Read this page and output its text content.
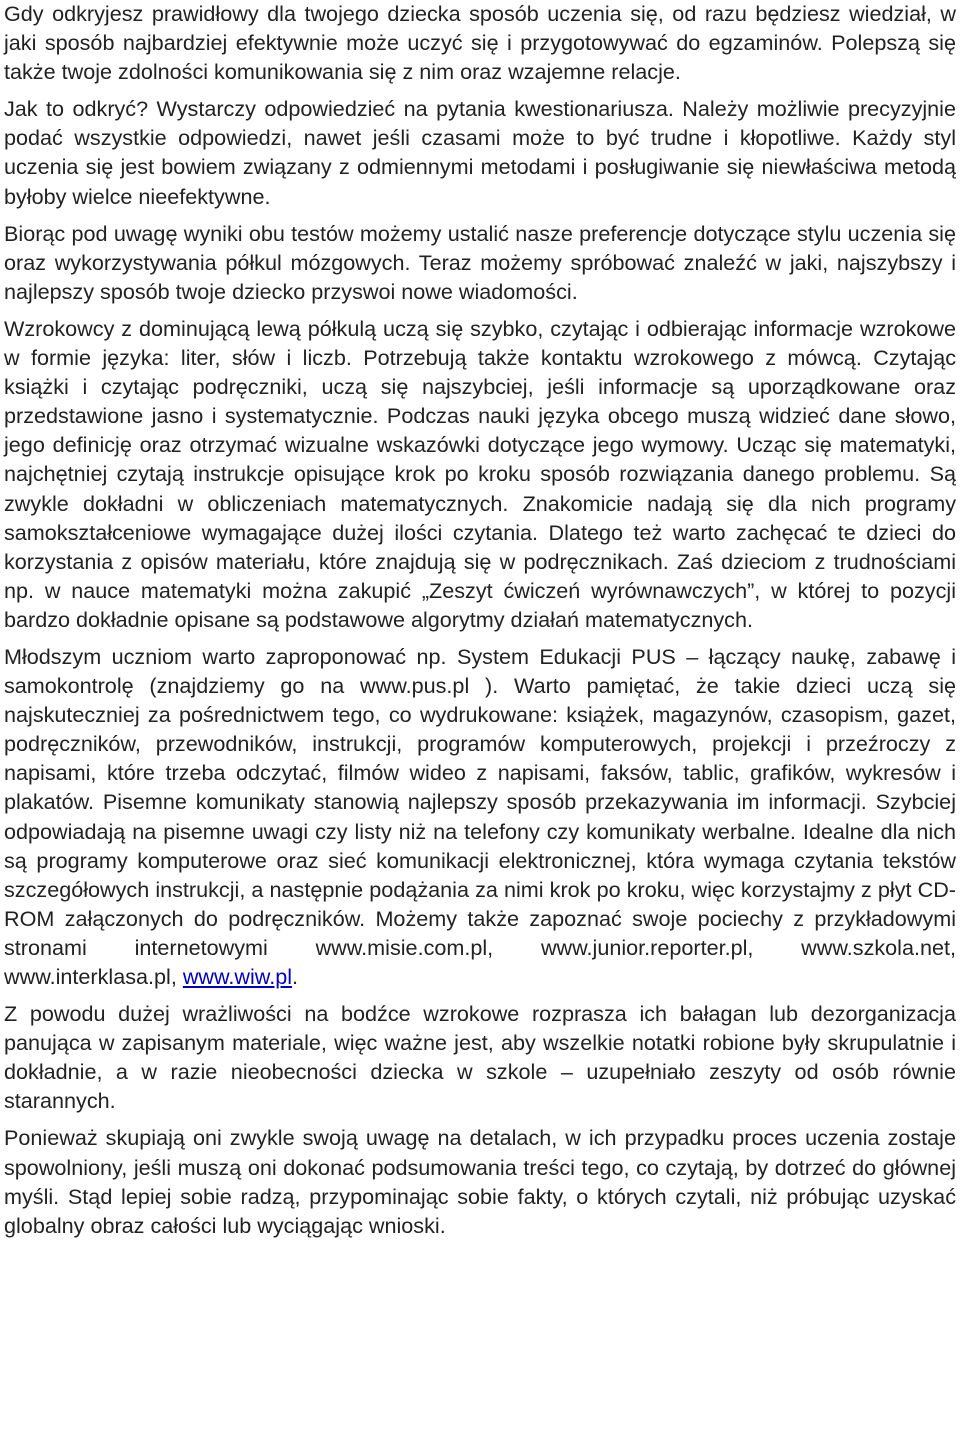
Gdy odkryjesz prawidłowy dla twojego dziecka sposób uczenia się, od razu będziesz wiedział, w jaki sposób najbardziej efektywnie może uczyć się i przygotowywać do egzaminów. Polepszą się także twoje zdolności komunikowania się z nim oraz wzajemne relacje.

Jak to odkryć? Wystarczy odpowiedzieć na pytania kwestionariusza. Należy możliwie precyzyjnie podać wszystkie odpowiedzi, nawet jeśli czasami może to być trudne i kłopotliwe. Każdy styl uczenia się jest bowiem związany z odmiennymi metodami i posługiwanie się niewłaściwa metodą byłoby wielce nieefektywne.

Biorąc pod uwagę wyniki obu testów możemy ustalić nasze preferencje dotyczące stylu uczenia się oraz wykorzystywania półkul mózgowych. Teraz możemy spróbować znaleźć w jaki, najszybszy i najlepszy sposób twoje dziecko przyswoi nowe wiadomości.

Wzrokowcy z dominującą lewą półkulą uczą się szybko, czytając i odbierając informacje wzrokowe w formie języka: liter, słów i liczb. Potrzebują także kontaktu wzrokowego z mówcą. Czytając książki i czytając podręczniki, uczą się najszybciej, jeśli informacje są uporządkowane oraz przedstawione jasno i systematycznie. Podczas nauki języka obcego muszą widzieć dane słowo, jego definicję oraz otrzymać wizualne wskazówki dotyczące jego wymowy. Ucząc się matematyki, najchętniej czytają instrukcje opisujące krok po kroku sposób rozwiązania danego problemu. Są zwykle dokładni w obliczeniach matematycznych. Znakomicie nadają się dla nich programy samokształceniowe wymagające dużej ilości czytania. Dlatego też warto zachęcać te dzieci do korzystania z opisów materiału, które znajdują się w podręcznikach. Zaś dzieciom z trudnościami np. w nauce matematyki można zakupić „Zeszyt ćwiczeń wyrównawczych”, w której to pozycji bardzo dokładnie opisane są podstawowe algorytmy działań matematycznych.

Młodszym uczniom warto zaproponować np. System Edukacji PUS – łączący naukę, zabawę i samokontrolę (znajdziemy go na www.pus.pl ). Warto pamiętać, że takie dzieci uczą się najskuteczniej za pośrednictwem tego, co wydrukowane: książek, magazynów, czasopism, gazet, podręczników, przewodników, instrukcji, programów komputerowych, projekcji i przeźroczy z napisami, które trzeba odczytać, filmów wideo z napisami, faksów, tablic, grafików, wykresów i plakatów. Pisemne komunikaty stanowią najlepszy sposób przekazywania im informacji. Szybciej odpowiadają na pisemne uwagi czy listy niż na telefony czy komunikaty werbalne. Idealne dla nich są programy komputerowe oraz sieć komunikacji elektronicznej, która wymaga czytania tekstów szczegółowych instrukcji, a następnie podążania za nimi krok po kroku, więc korzystajmy z płyt CD-ROM załączonych do podręczników. Możemy także zapoznać swoje pociechy z przykładowymi stronami internetowymi www.misie.com.pl, www.junior.reporter.pl, www.szkola.net, www.interklasa.pl, www.wiw.pl.

Z powodu dużej wrażliwości na bodźce wzrokowe rozprasza ich bałagan lub dezorganizacja panująca w zapisanym materiale, więc ważne jest, aby wszelkie notatki robione były skrupulatnie i dokładnie, a w razie nieobecności dziecka w szkole – uzupełniało zeszyty od osób równie starannych.

Ponieważ skupiają oni zwykle swoją uwagę na detalach, w ich przypadku proces uczenia zostaje spowolniony, jeśli muszą oni dokonać podsumowania treści tego, co czytają, by dotrzeć do głównej myśli. Stąd lepiej sobie radzą, przypominając sobie fakty, o których czytali, niż próbując uzyskać globalny obraz całości lub wyciągając wnioski.
